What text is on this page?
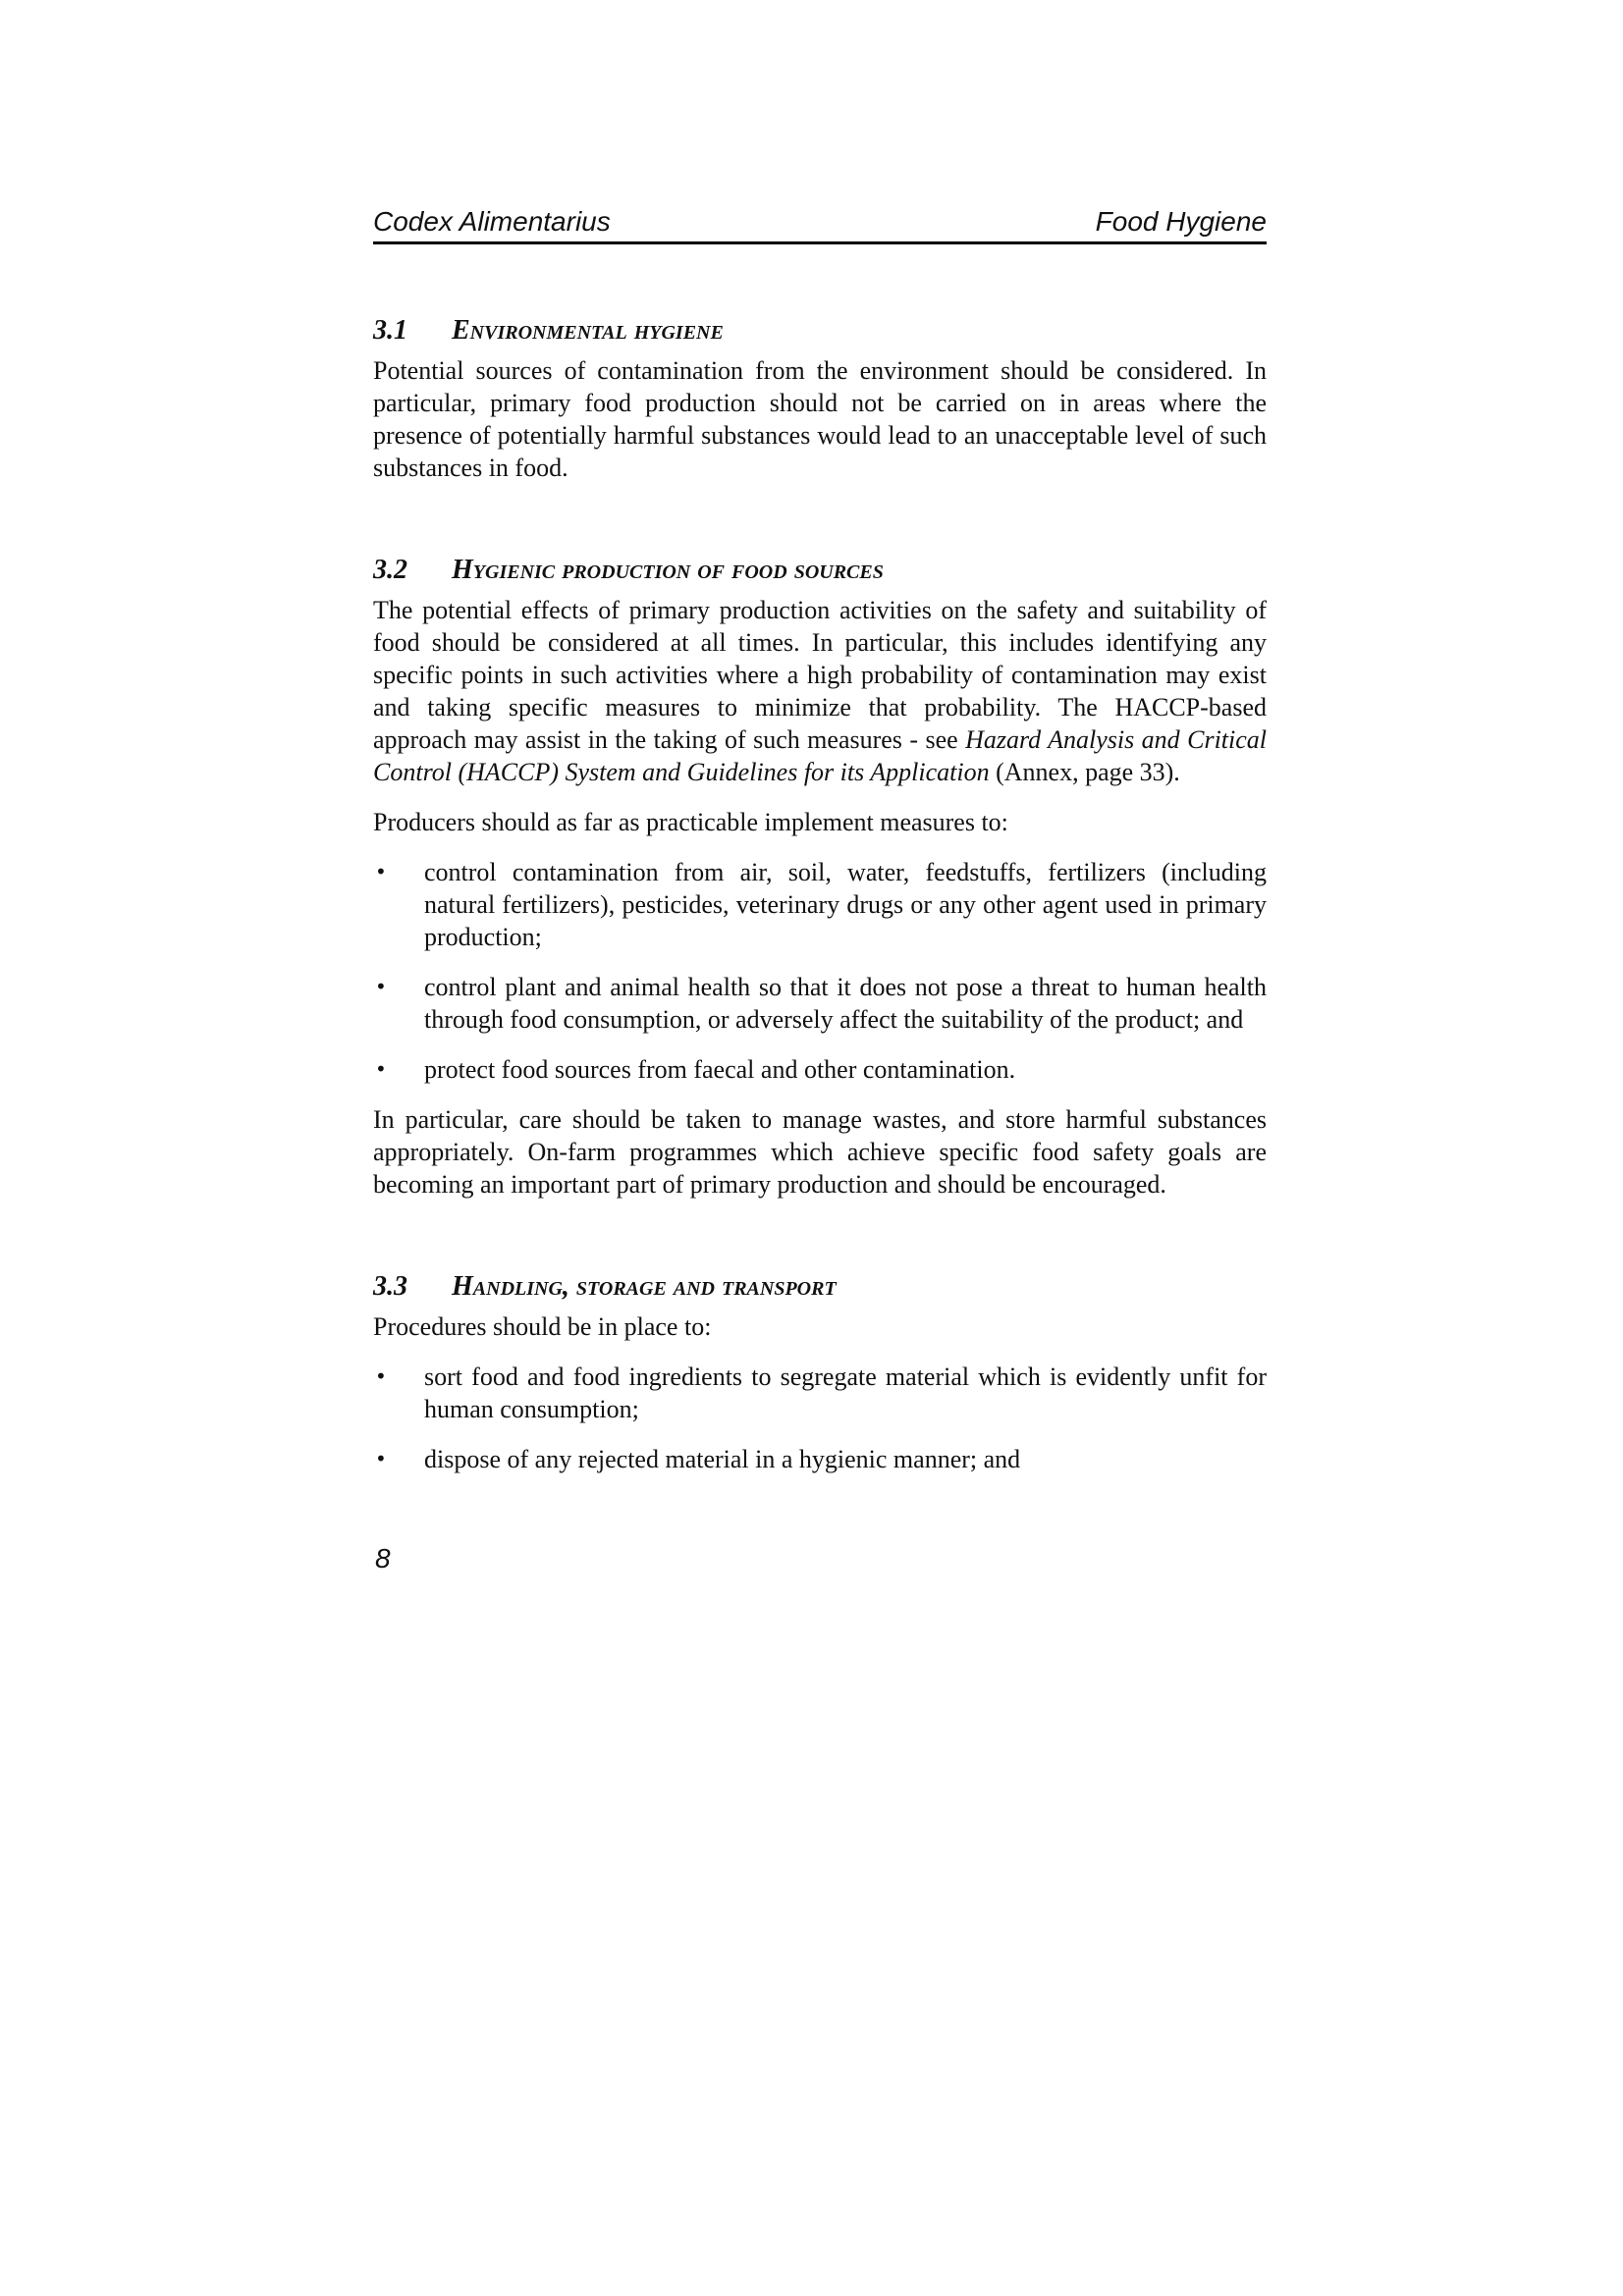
Codex Alimentarius	Food Hygiene
3.1	Environmental hygiene

Potential sources of contamination from the environment should be considered. In particular, primary food production should not be carried on in areas where the presence of potentially harmful substances would lead to an unacceptable level of such substances in food.

3.2	Hygienic production of food sources

The potential effects of primary production activities on the safety and suitability of food should be considered at all times. In particular, this includes identifying any specific points in such activities where a high probability of contamination may exist and taking specific measures to minimize that probability. The HACCP-based approach may assist in the taking of such measures - see Hazard Analysis and Critical Control (HACCP) System and Guidelines for its Application (Annex, page 33).

Producers should as far as practicable implement measures to:

•	control contamination from air, soil, water, feedstuffs, fertilizers (including natural fertilizers), pesticides, veterinary drugs or any other agent used in primary production;
•	control plant and animal health so that it does not pose a threat to human health through food consumption, or adversely affect the suitability of the product; and
•	protect food sources from faecal and other contamination.

In particular, care should be taken to manage wastes, and store harmful substances appropriately. On-farm programmes which achieve specific food safety goals are becoming an important part of primary production and should be encouraged.

3.3	Handling, storage and transport

Procedures should be in place to:

•	sort food and food ingredients to segregate material which is evidently unfit for human consumption;
•	dispose of any rejected material in a hygienic manner; and
8
